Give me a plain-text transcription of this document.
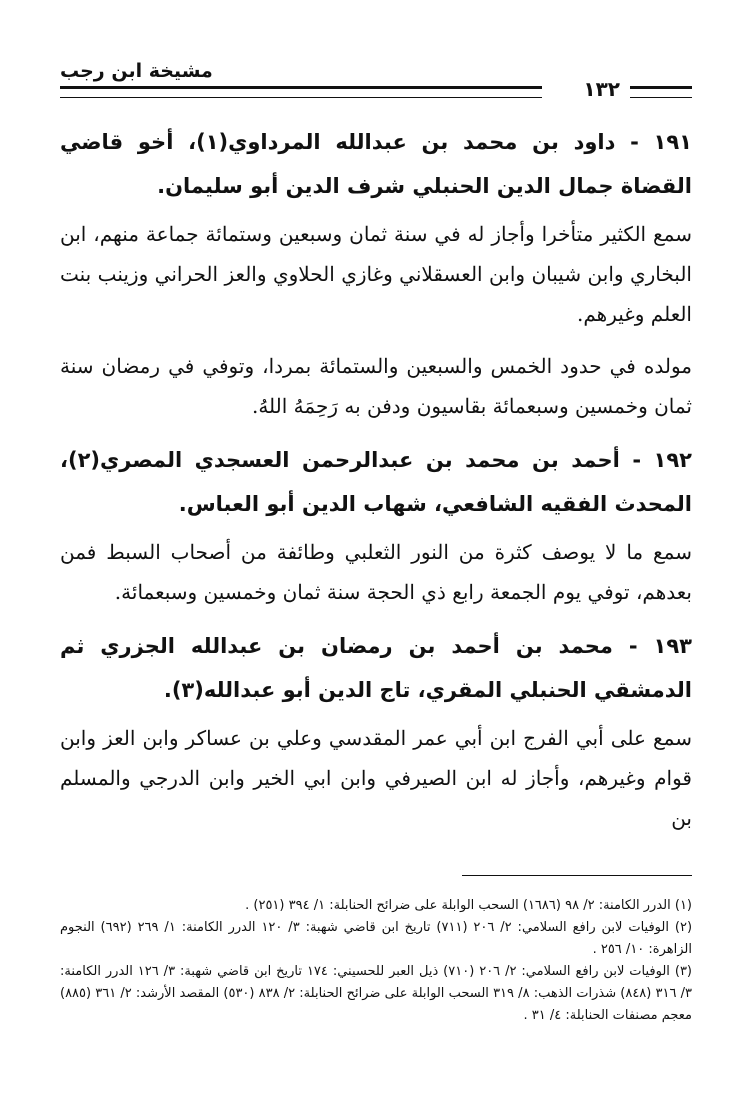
مشيخة ابن رجب
١٣٢

١٩١ - داود بن محمد بن عبدالله المرداوي(١)، أخو قاضي القضاة جمال الدين الحنبلي شرف الدين أبو سليمان.

سمع الكثير متأخرا وأجاز له في سنة ثمان وسبعين وستمائة جماعة منهم، ابن البخاري وابن شيبان وابن العسقلاني وغازي الحلاوي والعز الحراني وزينب بنت العلم وغيرهم.

مولده في حدود الخمس والسبعين والستمائة بمردا، وتوفي في رمضان سنة ثمان وخمسين وسبعمائة بقاسيون ودفن به رَحِمَهُ اللهُ.

١٩٢ - أحمد بن محمد بن عبدالرحمن العسجدي المصري(٢)، المحدث الفقيه الشافعي، شهاب الدين أبو العباس.

سمع ما لا يوصف كثرة من النور الثعلبي وطائفة من أصحاب السبط فمن بعدهم، توفي يوم الجمعة رابع ذي الحجة سنة ثمان وخمسين وسبعمائة.

١٩٣ - محمد بن أحمد بن رمضان بن عبدالله الجزري ثم الدمشقي الحنبلي المقري، تاج الدين أبو عبدالله(٣).

سمع على أبي الفرج ابن أبي عمر المقدسي وعلي بن عساكر وابن العز وابن قوام وغيرهم، وأجاز له ابن الصيرفي وابن ابي الخير وابن الدرجي والمسلم بن

(١) الدرر الكامنة: ٢/ ٩٨ (١٦٨٦) السحب الوابلة على ضرائح الحنابلة: ١/ ٣٩٤ (٢٥١) .

(٢) الوفيات لابن رافع السلامي: ٢/ ٢٠٦ (٧١١) تاريخ ابن قاضي شهبة: ٣/ ١٢٠ الدرر الكامنة: ١/ ٢٦٩ (٦٩٢) النجوم الزاهرة: ١٠/ ٢٥٦ .

(٣) الوفيات لابن رافع السلامي: ٢/ ٢٠٦ (٧١٠) ذيل العبر للحسيني: ١٧٤ تاريخ ابن قاضي شهبة: ٣/ ١٢٦ الدرر الكامنة: ٣/ ٣١٦ (٨٤٨) شذرات الذهب: ٨/ ٣١٩ السحب الوابلة على ضرائح الحنابلة: ٢/ ٨٣٨ (٥٣٠) المقصد الأرشد: ٢/ ٣٦١ (٨٨٥) معجم مصنفات الحنابلة: ٤/ ٣١ .
